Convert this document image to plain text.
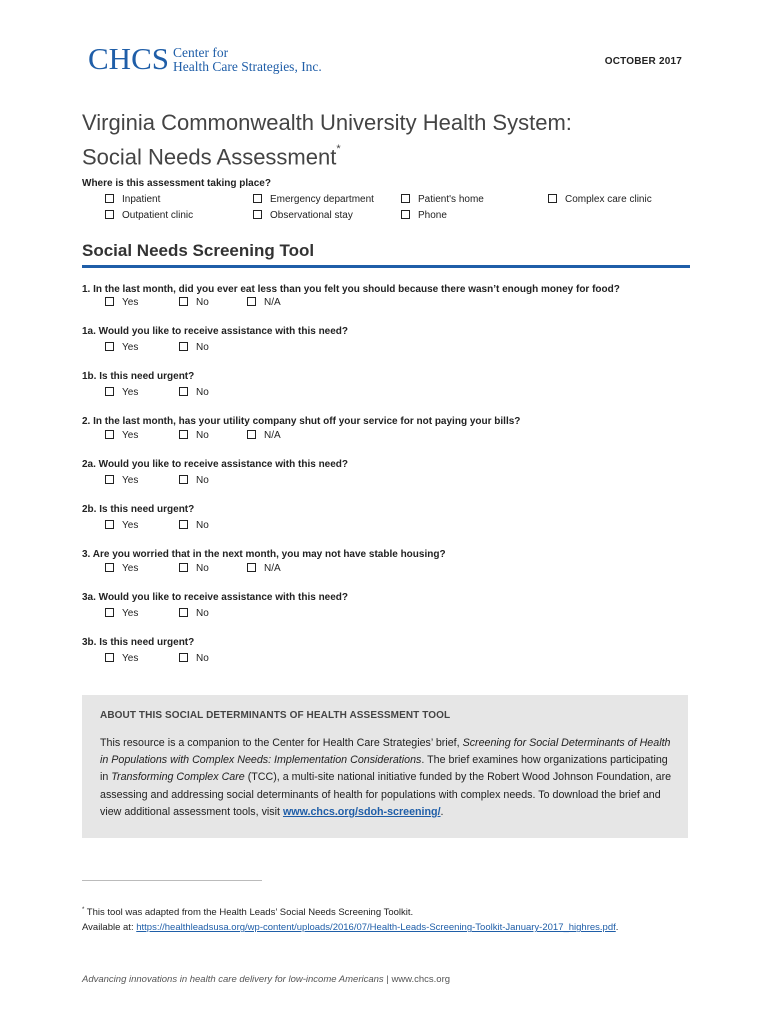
CHCS Center for
Health Care Strategies, Inc.	OCTOBER 2017
Virginia Commonwealth University Health System:
Social Needs Assessment*
Where is this assessment taking place?
Inpatient	Emergency department	Patient's home	Complex care clinic
Outpatient clinic	Observational stay	Phone
Social Needs Screening Tool
1. In the last month, did you ever eat less than you felt you should because there wasn’t enough money for food?
Yes	No	N/A
1a. Would you like to receive assistance with this need?
Yes	No
1b. Is this need urgent?
Yes	No
2. In the last month, has your utility company shut off your service for not paying your bills?
Yes	No	N/A
2a. Would you like to receive assistance with this need?
Yes	No
2b. Is this need urgent?
Yes	No
3. Are you worried that in the next month, you may not have stable housing?
Yes	No	N/A
3a. Would you like to receive assistance with this need?
Yes	No
3b. Is this need urgent?
Yes	No
ABOUT THIS SOCIAL DETERMINANTS OF HEALTH ASSESSMENT TOOL
This resource is a companion to the Center for Health Care Strategies’ brief, Screening for Social Determinants of Health in Populations with Complex Needs: Implementation Considerations. The brief examines how organizations participating in Transforming Complex Care (TCC), a multi-site national initiative funded by the Robert Wood Johnson Foundation, are assessing and addressing social determinants of health for populations with complex needs. To download the brief and view additional assessment tools, visit www.chcs.org/sdoh-screening/.
* This tool was adapted from the Health Leads’ Social Needs Screening Toolkit.
Available at: https://healthleadsusa.org/wp-content/uploads/2016/07/Health-Leads-Screening-Toolkit-January-2017_highres.pdf.
Advancing innovations in health care delivery for low-income Americans | www.chcs.org
